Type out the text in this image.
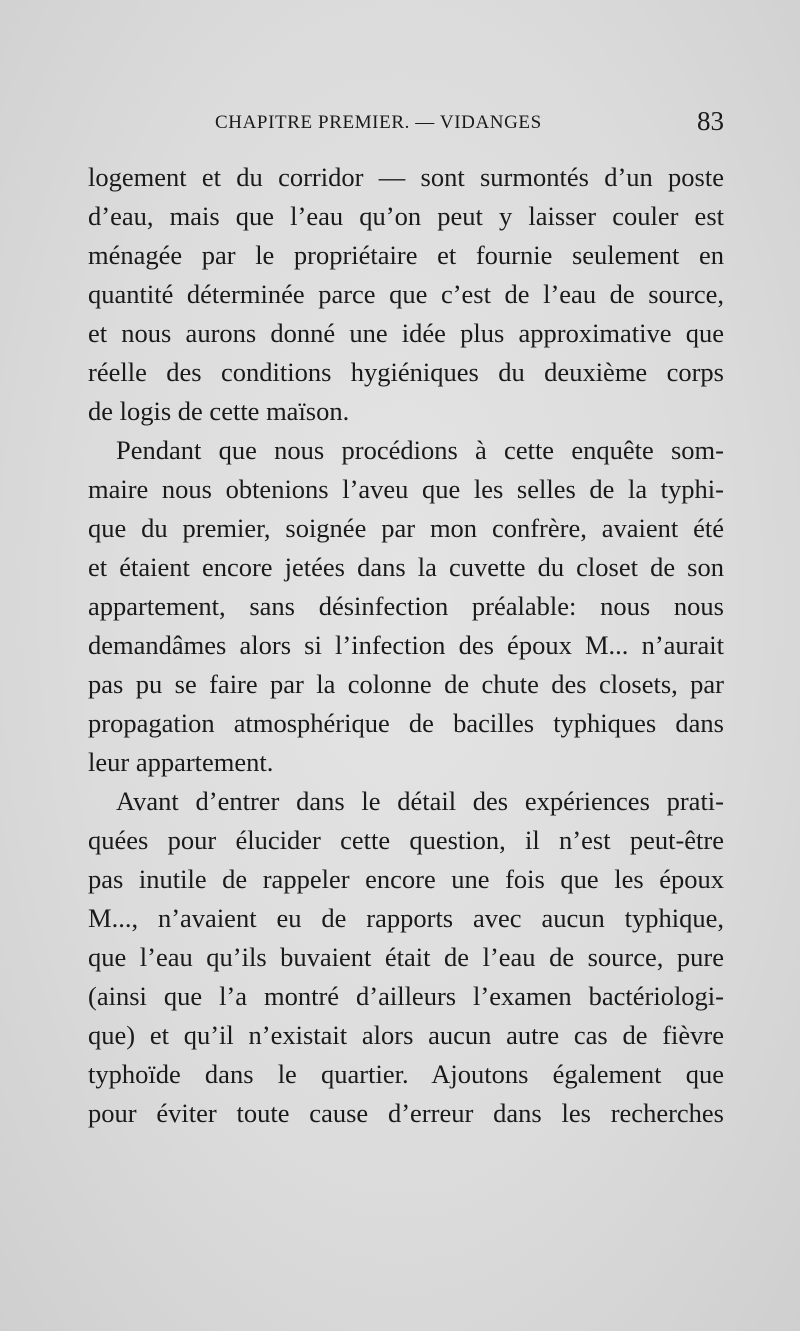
CHAPITRE PREMIER. — VIDANGES	83
logement et du corridor — sont surmontés d’un poste
d’eau, mais que l’eau qu’on peut y laisser couler est
ménagée par le propriétaire et fournie seulement en
quantité déterminée parce que c’est de l’eau de source,
et nous aurons donné une idée plus approximative que
réelle des conditions hygiéniques du deuxième corps
de logis de cette maïson.
Pendant que nous procédions à cette enquête som-
maire nous obtenions l’aveu que les selles de la typhi-
que du premier, soignée par mon confrère, avaient été
et étaient encore jetées dans la cuvette du closet de son
appartement, sans désinfection préalable: nous nous
demandâmes alors si l’infection des époux M... n’aurait
pas pu se faire par la colonne de chute des closets, par
propagation atmosphérique de bacilles typhiques dans
leur appartement.
Avant d’entrer dans le détail des expériences prati-
quées pour élucider cette question, il n’est peut-être
pas inutile de rappeler encore une fois que les époux
M..., n’avaient eu de rapports avec aucun typhique,
que l’eau qu’ils buvaient était de l’eau de source, pure
(ainsi que l’a montré d’ailleurs l’examen bactériologi-
que) et qu’il n’existait alors aucun autre cas de fièvre
typhoïde dans le quartier. Ajoutons également que
pour éviter toute cause d’erreur dans les recherches
